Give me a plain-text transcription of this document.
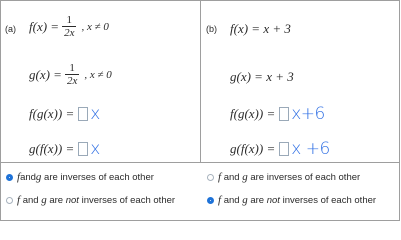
(a) $f(x) = \frac{1}{2x}$ , x ≠ 0
$g(x) = \frac{1}{2x}$ , x ≠ 0
f(g(x)) = x
g(f(x)) = x
f and g are inverses of each other
f and g are not inverses of each other
(b) f(x) = x + 3
g(x) = x + 3
f(g(x)) = x+6
g(f(x)) = x +6
f and g are inverses of each other
f and g are not inverses of each other
